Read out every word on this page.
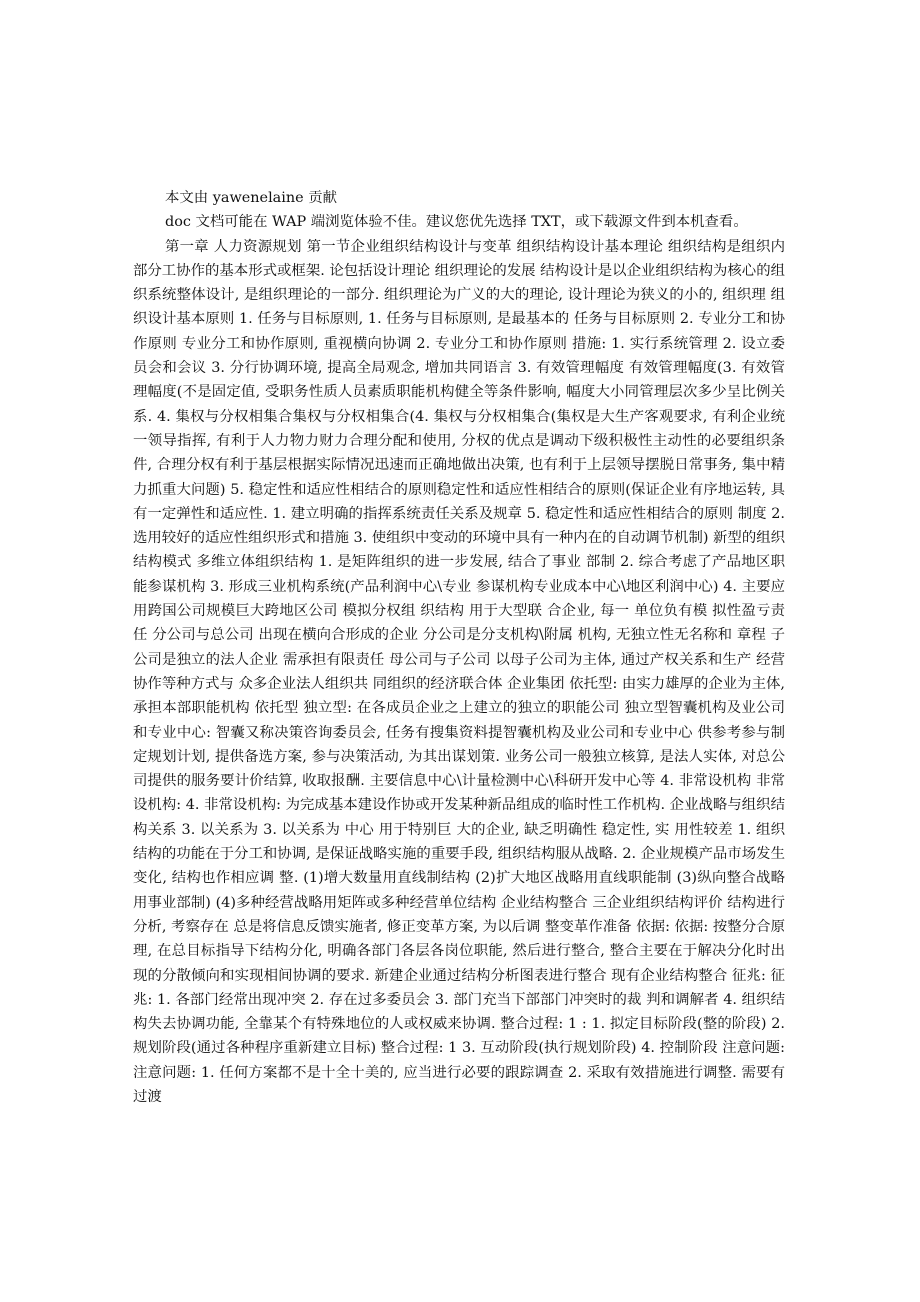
本文由 yawenelaine 贡献

doc 文档可能在 WAP 端浏览体验不佳。建议您优先选择 TXT，或下载源文件到本机查看。

第一章 人力资源规划 第一节企业组织结构设计与变革 组织结构设计基本理论 组织结构是组织内部分工协作的基本形式或框架. 论包括设计理论 组织理论的发展 结构设计是以企业组织结构为核心的组织系统整体设计, 是组织理论的一部分. 组织理论为广义的大的理论, 设计理论为狭义的小的, 组织理 组织设计基本原则 1. 任务与目标原则, 1. 任务与目标原则, 是最基本的 任务与目标原则 2. 专业分工和协作原则 专业分工和协作原则, 重视横向协调 2. 专业分工和协作原则 措施: 1. 实行系统管理 2. 设立委员会和会议 3. 分行协调环境, 提高全局观念, 增加共同语言 3. 有效管理幅度 有效管理幅度(3. 有效管理幅度(不是固定值, 受职务性质人员素质职能机构健全等条件影响, 幅度大小同管理层次多少呈比例关系. 4. 集权与分权相集合集权与分权相集合(4. 集权与分权相集合(集权是大生产客观要求, 有利企业统一领导指挥, 有利于人力物力财力合理分配和使用, 分权的优点是调动下级积极性主动性的必要组织条件, 合理分权有利于基层根据实际情况迅速而正确地做出决策, 也有利于上层领导摆脱日常事务, 集中精力抓重大问题) 5. 稳定性和适应性相结合的原则稳定性和适应性相结合的原则(保证企业有序地运转, 具有一定弹性和适应性. 1. 建立明确的指挥系统责任关系及规章 5. 稳定性和适应性相结合的原则 制度 2. 选用较好的适应性组织形式和措施 3. 使组织中变动的环境中具有一种内在的自动调节机制) 新型的组织结构模式 多维立体组织结构 1. 是矩阵组织的进一步发展, 结合了事业 部制 2. 综合考虑了产品地区职能参谋机构 3. 形成三业机构系统(产品利润中心\专业 参谋机构专业成本中心\地区利润中心) 4. 主要应用跨国公司规模巨大跨地区公司 模拟分权组 织结构 用于大型联 合企业, 每一 单位负有模 拟性盈亏责 任 分公司与总公司 出现在横向合形成的企业 分公司是分支机构\附属 机构, 无独立性无名称和 章程 子公司是独立的法人企业 需承担有限责任 母公司与子公司 以母子公司为主体, 通过产权关系和生产 经营协作等种方式与 众多企业法人组织共 同组织的经济联合体 企业集团 依托型: 由实力雄厚的企业为主体, 承担本部职能机构 依托型 独立型: 在各成员企业之上建立的独立的职能公司 独立型智囊机构及业公司和专业中心: 智囊又称决策咨询委员会, 任务有搜集资料提智囊机构及业公司和专业中心 供参考参与制定规划计划, 提供备选方案, 参与决策活动, 为其出谋划策. 业务公司一般独立核算, 是法人实体, 对总公司提供的服务要计价结算, 收取报酬. 主要信息中心\计量检测中心\科研开发中心等 4. 非常设机构 非常设机构: 4. 非常设机构: 为完成基本建设作协或开发某种新品组成的临时性工作机构. 企业战略与组织结构关系 3. 以关系为 3. 以关系为 中心 用于特别巨 大的企业, 缺乏明确性 稳定性, 实 用性较差 1. 组织结构的功能在于分工和协调, 是保证战略实施的重要手段, 组织结构服从战略. 2. 企业规模产品市场发生变化, 结构也作相应调 整. (1)增大数量用直线制结构 (2)扩大地区战略用直线职能制 (3)纵向整合战略用事业部制) (4)多种经营战略用矩阵或多种经营单位结构 企业结构整合 三企业组织结构评价 结构进行分析, 考察存在 总是将信息反馈实施者, 修正变革方案, 为以后调 整变革作准备 依据: 依据: 按整分合原理, 在总目标指导下结构分化, 明确各部门各层各岗位职能, 然后进行整合, 整合主要在于解决分化时出现的分散倾向和实现相间协调的要求. 新建企业通过结构分析图表进行整合 现有企业结构整合 征兆: 征兆: 1. 各部门经常出现冲突 2. 存在过多委员会 3. 部门充当下部部门冲突时的裁 判和调解者 4. 组织结构失去协调功能, 全靠某个有特殊地位的人或权威来协调. 整合过程: 1 : 1. 拟定目标阶段(整的阶段) 2. 规划阶段(通过各种程序重新建立目标) 整合过程: 1 3. 互动阶段(执行规划阶段) 4. 控制阶段 注意问题: 注意问题: 1. 任何方案都不是十全十美的, 应当进行必要的跟踪调查 2. 采取有效措施进行调整. 需要有过渡
